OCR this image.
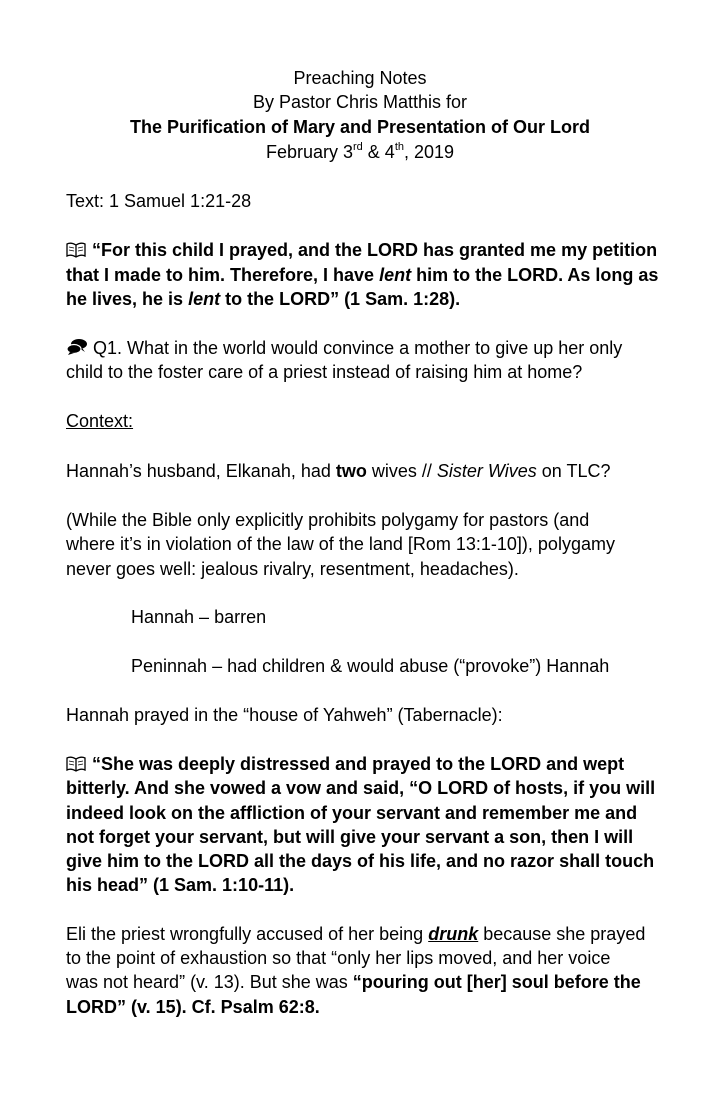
Preaching Notes
By Pastor Chris Matthis for
The Purification of Mary and Presentation of Our Lord
February 3rd & 4th, 2019
Text: 1 Samuel 1:21-28
“For this child I prayed, and the LORD has granted me my petition
that I made to him. Therefore, I have lent him to the LORD. As long as
he lives, he is lent to the LORD” (1 Sam. 1:28).
Q1. What in the world would convince a mother to give up her only
child to the foster care of a priest instead of raising him at home?
Context:
Hannah’s husband, Elkanah, had two wives // Sister Wives on TLC?
(While the Bible only explicitly prohibits polygamy for pastors (and
where it’s in violation of the law of the land [Rom 13:1-10]), polygamy
never goes well: jealous rivalry, resentment, headaches).
Hannah – barren
Peninnah – had children & would abuse (“provoke”) Hannah
Hannah prayed in the “house of Yahweh” (Tabernacle):
“She was deeply distressed and prayed to the LORD and wept
bitterly. And she vowed a vow and said, “O LORD of hosts, if you will
indeed look on the affliction of your servant and remember me and
not forget your servant, but will give your servant a son, then I will
give him to the LORD all the days of his life, and no razor shall touch
his head” (1 Sam. 1:10-11).
Eli the priest wrongfully accused of her being drunk because she prayed
to the point of exhaustion so that “only her lips moved, and her voice
was not heard” (v. 13). But she was “pouring out [her] soul before the
LORD” (v. 15). Cf. Psalm 62:8.
